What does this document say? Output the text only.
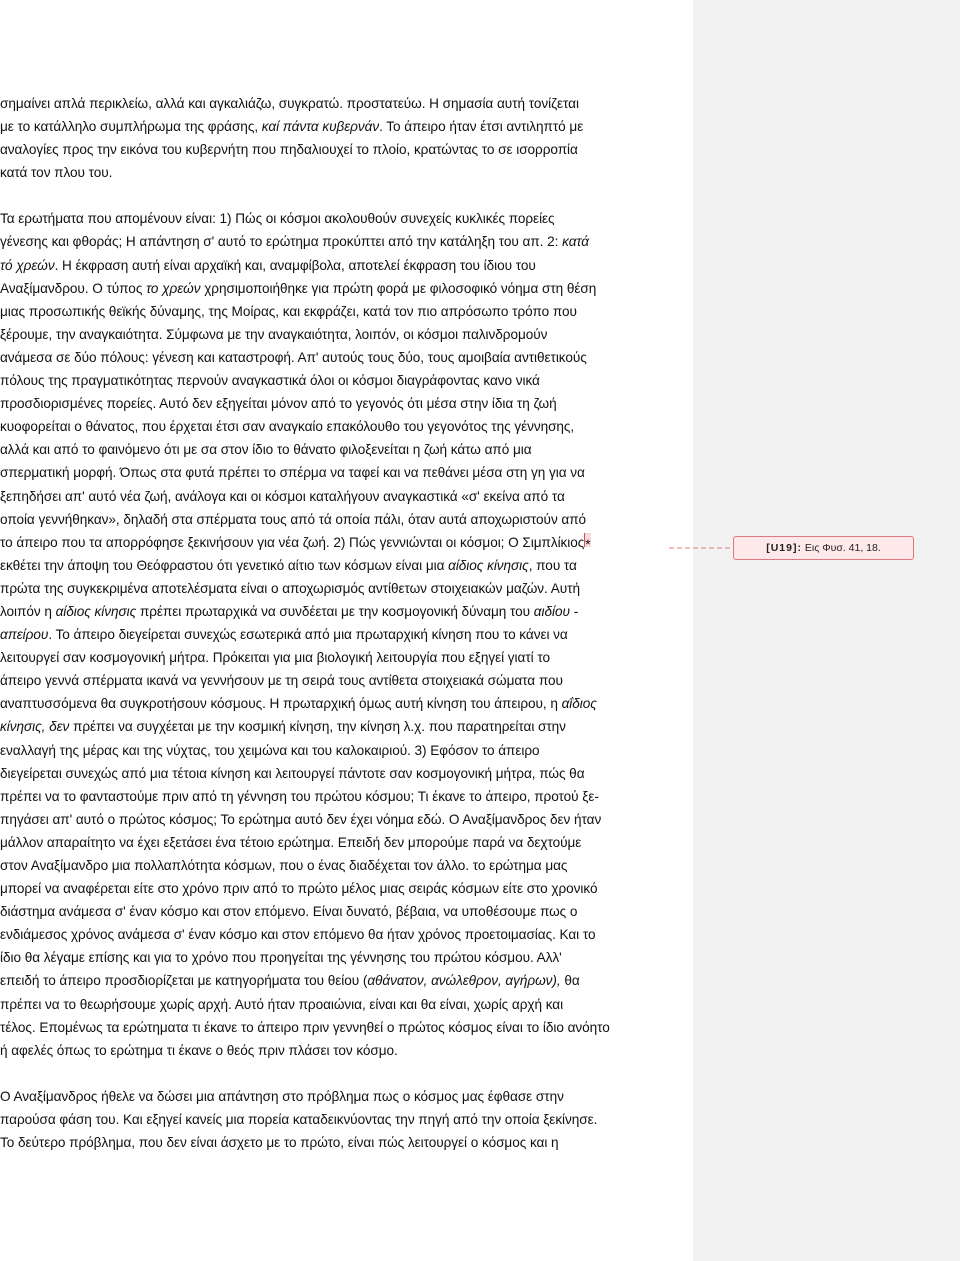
[U19]: Εις Φυσ. 41, 18.

σημαίνει απλά περικλείω, αλλά και αγκαλιάζω, συγκρατώ. προστατεύω. Η σημασία αυτή τονίζεται
με το κατάλληλο συμπλήρωμα της φράσης, καί πάντα κυβερνάν. Το άπειρο ήταν έτσι αντιληπτό με
αναλογίες προς την εικόνα του κυβερνήτη που πηδαλιουχεί το πλοίο, κρατώντας το σε ισορροπία
κατά τον πλου του.

Τα ερωτήματα που απομένουν είναι: 1) Πώς οι κόσμοι ακολουθούν συνεχείς κυκλικές πορείες
γένεσης και φθοράς; Η απάντηση σ' αυτό το ερώτημα προκύπτει από την κατάληξη του απ. 2: κατά
τό χρεών. Η έκφραση αυτή είναι αρχαϊκή και, αναμφίβολα, αποτελεί έκφραση του ίδιου του
Αναξίμανδρου. Ο τύπος το χρεών χρησιμοποιήθηκε για πρώτη φορά με φιλοσοφικό νόημα στη θέση
μιας προσωπικής θεϊκής δύναμης, της Μοίρας, και εκφράζει, κατά τον πιο απρόσωπο τρόπο που
ξέρουμε, την αναγκαιότητα. Σύμφωνα με την αναγκαιότητα, λοιπόν, οι κόσμοι παλινδρομούν
ανάμεσα σε δύο πόλους: γένεση και καταστροφή. Απ' αυτούς τους δύο, τους αμοιβαία αντιθετικούς
πόλους της πραγματικότητας περνούν αναγκαστικά όλοι οι κόσμοι διαγράφοντας κανο νικά
προσδιορισμένες πορείες. Αυτό δεν εξηγείται μόνον από το γεγονός ότι μέσα στην ίδια τη ζωή
κυοφορείται ο θάνατος, που έρχεται έτσι σαν αναγκαίο επακόλουθο του γεγονότος της γέννησης,
αλλά και από το φαινόμενο ότι με σα στον ίδιο το θάνατο φιλοξενείται η ζωή κάτω από μια
σπερματική μορφή. Όπως στα φυτά πρέπει το σπέρμα να ταφεί και να πεθάνει μέσα στη γη για να
ξεπηδήσει απ' αυτό νέα ζωή, ανάλογα και οι κόσμοι καταλήγουν αναγκαστικά «σ' εκείνα από τα
οποία γεννήθηκαν», δηλαδή στα σπέρματα τους από τά οποία πάλι, όταν αυτά αποχωριστούν από
το άπειρο που τα απορρόφησε ξεκινήσουν για νέα ζωή. 2) Πώς γεννιώνται οι κόσμοι; Ο Σιμπλίκιος*
εκθέτει την άποψη του Θεόφραστου ότι γενετικό αίτιο των κόσμων είναι μια αίδιος κίνησις, που τα
πρώτα της συγκεκριμένα αποτελέσματα είναι ο αποχωρισμός αντίθετων στοιχειακών μαζών. Αυτή
λοιπόν η αίδιος κίνησις πρέπει πρωταρχικά να συνδέεται με την κοσμογονική δύναμη του αιδίου -
απείρου. Το άπειρο διεγείρεται συνεχώς εσωτερικά από μια πρωταρχική κίνηση που το κάνει να
λειτουργεί σαν κοσμογονική μήτρα. Πρόκειται για μια βιολογική λειτουργία που εξηγεί γιατί το
άπειρο γεννά σπέρματα ικανά να γεννήσουν με τη σειρά τους αντίθετα στοιχειακά σώματα που
αναπτυσσόμενα θα συγκροτήσουν κόσμους. Η πρωταρχική όμως αυτή κίνηση του άπειρου, η αΐδιος
κίνησις, δεν πρέπει να συγχέεται με την κοσμική κίνηση, την κίνηση λ.χ. που παρατηρείται στην
εναλλαγή της μέρας και της νύχτας, του χειμώνα και του καλοκαιριού. 3) Εφόσον το άπειρο
διεγείρεται συνεχώς από μια τέτοια κίνηση και λειτουργεί πάντοτε σαν κοσμογονική μήτρα, πώς θα
πρέπει να το φανταστούμε πριν από τη γέννηση του πρώτου κόσμου; Τι έκανε το άπειρο, προτού ξε-
πηγάσει απ' αυτό ο πρώτος κόσμος; Το ερώτημα αυτό δεν έχει νόημα εδώ. Ο Αναξίμανδρος δεν ήταν
μάλλον απαραίτητο να έχει εξετάσει ένα τέτοιο ερώτημα. Επειδή δεν μπορούμε παρά να δεχτούμε
στον Αναξίμανδρο μια πολλαπλότητα κόσμων, που ο ένας διαδέχεται τον άλλο. το ερώτημα μας
μπορεί να αναφέρεται είτε στο χρόνο πριν από το πρώτο μέλος μιας σειράς κόσμων είτε στο χρονικό
διάστημα ανάμεσα σ' έναν κόσμο και στον επόμενο. Είναι δυνατό, βέβαια, να υποθέσουμε πως ο
ενδιάμεσος χρόνος ανάμεσα σ' έναν κόσμο και στον επόμενο θα ήταν χρόνος προετοιμασίας. Και το
ίδιο θα λέγαμε επίσης και για το χρόνο που προηγείται της γέννησης του πρώτου κόσμου. Αλλ'
επειδή το άπειρο προσδιορίζεται με κατηγορήματα του θείου (αθάνατον, ανώλεθρον, αγήρων), θα
πρέπει να το θεωρήσουμε χωρίς αρχή. Αυτό ήταν προαιώνια, είναι και θα είναι, χωρίς αρχή και
τέλος. Επομένως τα ερώτηματα τι έκανε το άπειρο πριν γεννηθεί ο πρώτος κόσμος είναι το ίδιο ανόητο
ή αφελές όπως το ερώτημα τι έκανε ο θεός πριν πλάσει τον κόσμο.

Ο Αναξίμανδρος ήθελε να δώσει μια απάντηση στο πρόβλημα πως ο κόσμος μας έφθασε στην
παρούσα φάση του. Και εξηγεί κανείς μια πορεία καταδεικνύοντας την πηγή από την οποία ξεκίνησε.
Το δεύτερο πρόβλημα, που δεν είναι άσχετο με το πρώτο, είναι πώς λειτουργεί ο κόσμος και η
